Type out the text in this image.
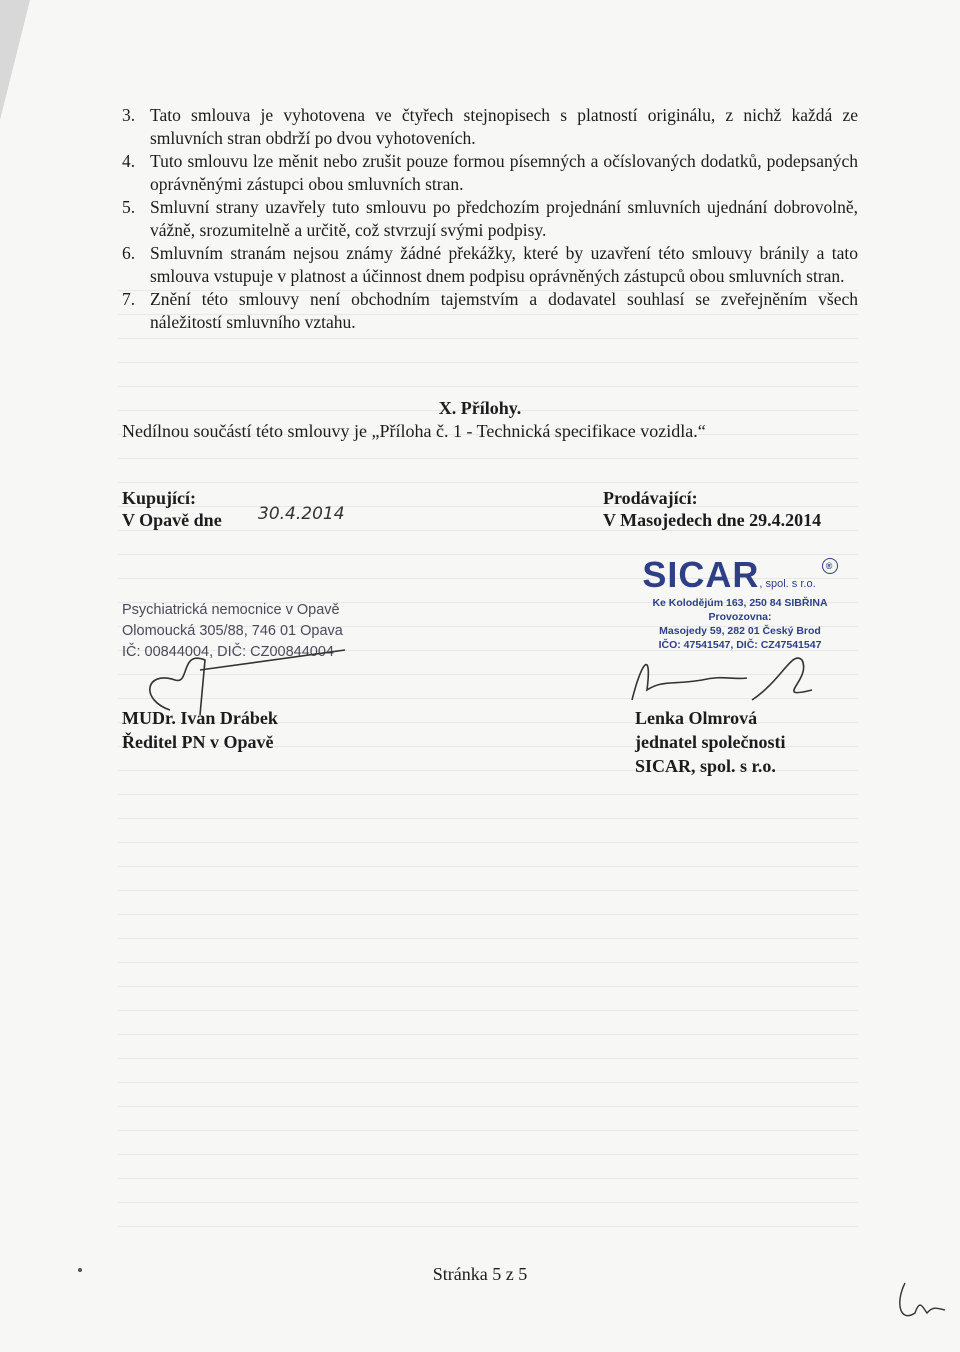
3. Tato smlouva je vyhotovena ve čtyřech stejnopisech s platností originálu, z nichž každá ze smluvních stran obdrží po dvou vyhotoveních.
4. Tuto smlouvu lze měnit nebo zrušit pouze formou písemných a očíslovaných dodatků, podepsaných oprávněnými zástupci obou smluvních stran.
5. Smluvní strany uzavřely tuto smlouvu po předchozím projednání smluvních ujednání dobrovolně, vážně, srozumitelně a určitě, což stvrzují svými podpisy.
6. Smluvním stranám nejsou známy žádné překážky, které by uzavření této smlouvy bránily a tato smlouva vstupuje v platnost a účinnost dnem podpisu oprávněných zástupců obou smluvních stran.
7. Znění této smlouvy není obchodním tajemstvím a dodavatel souhlasí se zveřejněním všech náležitostí smluvního vztahu.
X. Přílohy.
Nedílnou součástí této smlouvy je „Příloha č. 1 - Technická specifikace vozidla.“
Kupující:
V Opavě dne 30.4.2014
Prodávající:
V Masojedech dne 29.4.2014
Psychiatrická nemocnice v Opavě
Olomoucká 305/88, 746 01 Opava
IČ: 00844004, DIČ: CZ00844004
SICAR, spol. s r.o.®
Ke Kolodějúm 163, 250 84 SIBŘINA
Provozovna:
Masojedy 59, 282 01 Český Brod
IČO: 47541547, DIČ: CZ47541547
MUDr. Ivan Drábek
Ředitel PN v Opavě
Lenka Olmrová
jednatel společnosti
SICAR, spol. s r.o.
Stránka 5 z 5
